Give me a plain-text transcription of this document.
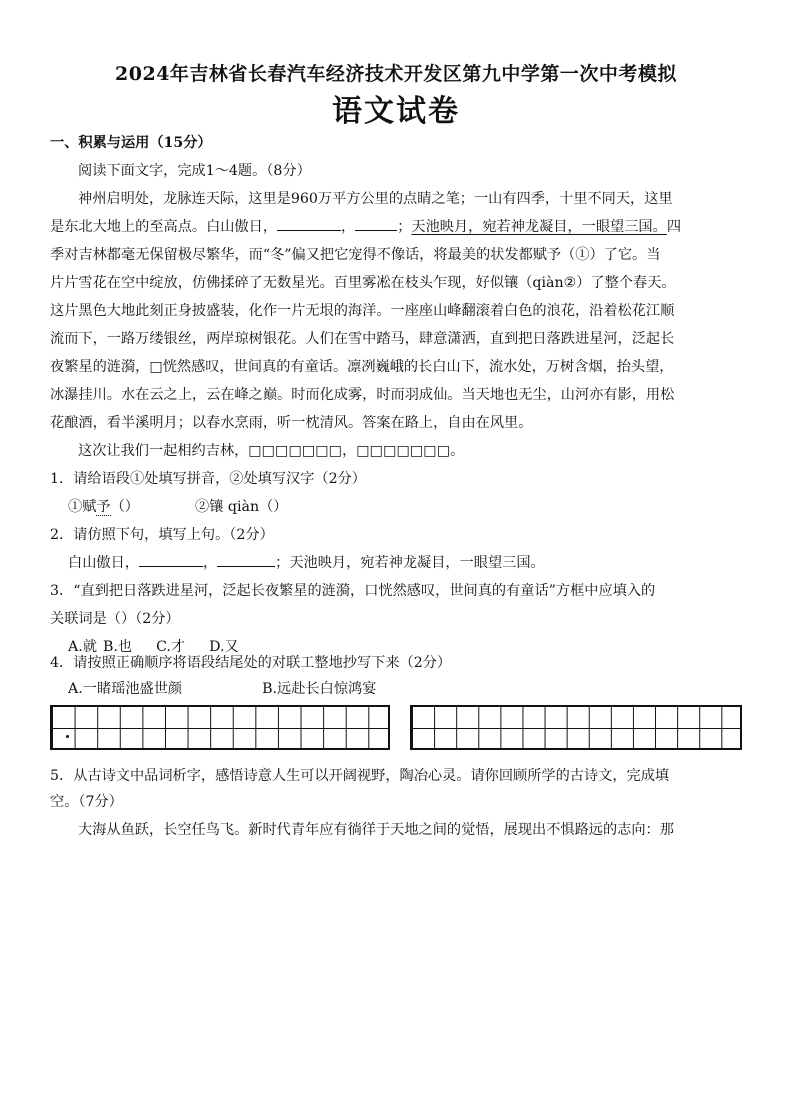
2024年吉林省长春汽车经济技术开发区第九中学第一次中考模拟
语文试卷
一、积累与运用（15分）
阅读下面文字，完成1～4题。（8分）
神州启明处，龙脉连天际，这里是960万平方公里的点睛之笔；一山有四季，十里不同天，这里
是东北大地上的至高点。白山傲日，	，	；天池映月，宛若神龙凝目，一眼望三国。四
季对吉林都毫无保留极尽繁华，而“冬”偏又把它宠得不像话，将最美的状发都赋予（①）了它。当
片片雪花在空中绽放，仿佛揉碎了无数星光。百里雾凇在枝头乍现，好似镶（qiàn②）了整个春天。
这片黑色大地此刻正身披盛装，化作一片无垠的海洋。一座座山峰翻滚着白色的浪花，沿着松花江顺
流而下，一路万缕银丝，两岸琼树银花。人们在雪中踏马，肆意潇洒，直到把日落跌进星河，泛起长
夜繁星的涟漪，□恍然感叹，世间真的有童话。凛冽巍峨的长白山下，流水处，万树含烟，抬头望，
冰瀑挂川。水在云之上，云在峰之巅。时而化成雾，时而羽成仙。当天地也无尘，山河亦有影，用松
花酿酒，看半溪明月；以春水烹雨，听一枕清风。答案在路上，自由在风里。
这次让我们一起相约吉林，□□□□□□□，□□□□□□□。
1．请给语段①处填写拼音，②处填写汉字（2分）
①赋予（）	②镶 qiàn（）
2．请仿照下句，填写上句。（2分）
白山傲日，	，	；天池映月，宛若神龙凝目，一眼望三国。
3．“直到把日落跌进星河，泛起长夜繁星的涟漪，口恍然感叹，世间真的有童话”方框中应填入的
关联词是（）（2分）
A.就 B.也 C.才 D.又
4．请按照正确顺序将语段结尾处的对联工整地抄写下来（2分）
A.一睹瑶池盛世颜	B.远赴长白惊鸿宴
5．从古诗文中品词析字，感悟诗意人生可以开阔视野，陶冶心灵。请你回顾所学的古诗文，完成填
空。（7分）
大海从鱼跃，长空任鸟飞。新时代青年应有徜徉于天地之间的觉悟，展现出不惧路远的志向：那
